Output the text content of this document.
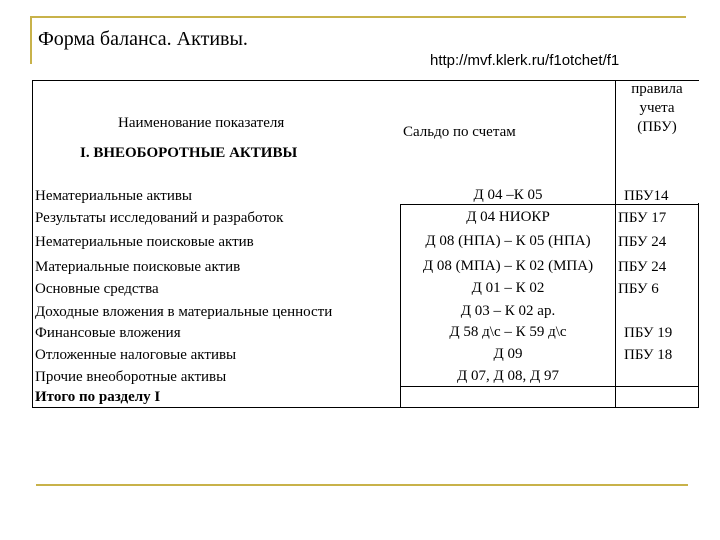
Форма баланса. Активы.
http://mvf.klerk.ru/f1otchet/f1
Наименование показателя
Сальдо по счетам
правила
учета
(ПБУ)
I. ВНЕОБОРОТНЫЕ АКТИВЫ
Нематериальные активы	Д 04 –К 05	ПБУ14
Результаты исследований и разработок	Д 04 НИОКР	ПБУ 17
Нематериальные поисковые актив	Д 08 (НПА) – К 05 (НПА)	ПБУ 24
Материальные поисковые актив	Д 08 (МПА) – К 02 (МПА)	ПБУ 24
Основные средства	Д 01 – К 02	ПБУ 6
Доходные вложения в материальные ценности	Д 03 – К 02 ар.
Финансовые вложения	Д 58 д\с – К 59 д\с	ПБУ 19
Отложенные налоговые активы	Д 09	ПБУ 18
Прочие внеоборотные активы	Д 07, Д 08, Д 97
Итого по разделу I
